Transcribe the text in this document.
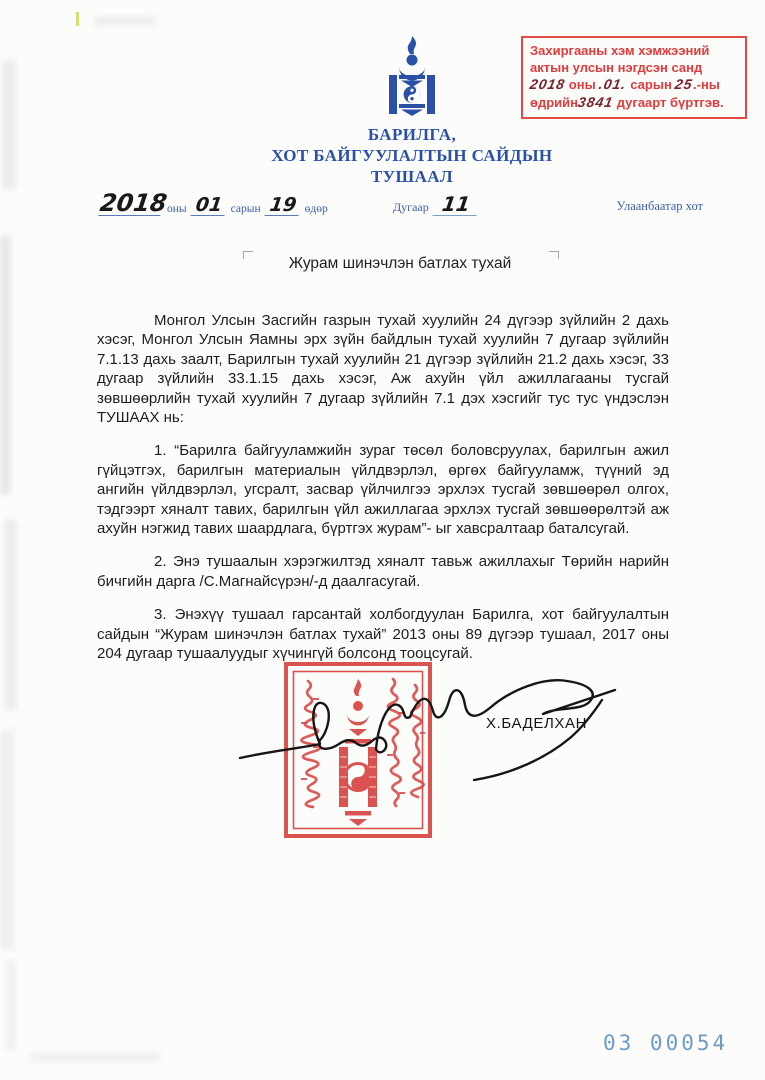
Захиргааны хэм хэмжээний
актын улсын нэгдсэн санд
2018 оны .01. сарын 25.-ны
өдрийн3841 дугаарт бүртгэв.
БАРИЛГА,
ХОТ БАЙГУУЛАЛТЫН САЙДЫН
ТУШААЛ
2018
оны 01 сарын 19 өдөр	Дугаар 11	Улаанбаатар хот
Журам шинэчлэн батлах тухай

Монгол Улсын Засгийн газрын тухай хуулийн 24 дүгээр зүйлийн 2 дахь хэсэг, Монгол Улсын Яамны эрх зүйн байдлын тухай хуулийн 7 дугаар зүйлийн 7.1.13 дахь заалт, Барилгын тухай хуулийн 21 дүгээр зүйлийн 21.2 дахь хэсэг, 33 дугаар зүйлийн 33.1.15 дахь хэсэг, Аж ахуйн үйл ажиллагааны тусгай зөвшөөрлийн тухай хуулийн 7 дугаар зүйлийн 7.1 дэх хэсгийг тус тус үндэслэн ТУШААХ нь:

1. “Барилга байгууламжийн зураг төсөл боловсруулах, барилгын ажил гүйцэтгэх, барилгын материалын үйлдвэрлэл, өргөх байгууламж, түүний эд ангийн үйлдвэрлэл, угсралт, засвар үйлчилгээ эрхлэх тусгай зөвшөөрөл олгох, тэдгээрт хяналт тавих, барилгын үйл ажиллагаа эрхлэх тусгай зөвшөөрөлтэй аж ахуйн нэгжид тавих шаардлага, бүртгэх журам”- ыг хавсралтаар баталсугай.

2. Энэ тушаалын хэрэгжилтэд хяналт тавьж ажиллахыг Төрийн нарийн бичгийн дарга /С.Магнайсүрэн/-д даалгасугай.

3. Энэхүү тушаал гарсантай холбогдуулан Барилга, хот байгуулалтын сайдын “Журам шинэчлэн батлах тухай” 2013 оны 89 дүгээр тушаал, 2017 оны 204 дугаар тушаалуудыг хүчингүй болсонд тооцсугай.

Х.БАДЕЛХАН
03 00054
